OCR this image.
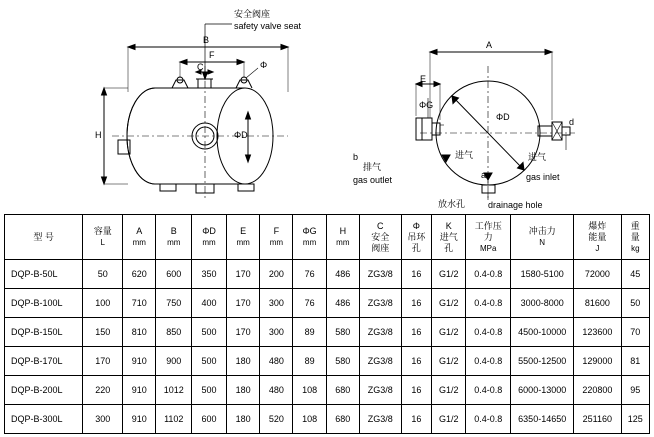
安全阀座
safety valve seat
B
F
C	Φ
H	ΦD
A
E
ΦG
ΦD	d
b	进气
排气
gas outlet
进气
gas inlet
a
放水孔	drainage hole
型 号

容量
L

A
mm

B
mm

ΦD
mm

E
mm

F
mm

ΦG
mm

H
mm

C
安全
阀座

Φ
吊环
孔

K
进气
孔

工作压
力
MPa

冲击力
N

爆炸
能量
J

重
量
kg

DQP-B-50L	50	620	600	350	170	200	76	486	ZG3/8	16	G1/2	0.4-0.8	1580-5100	72000	45
DQP-B-100L	100	710	750	400	170	300	76	486	ZG3/8	16	G1/2	0.4-0.8	3000-8000	81600	50
DQP-B-150L	150	810	850	500	170	300	89	580	ZG3/8	16	G1/2	0.4-0.8	4500-10000	123600	70
DQP-B-170L	170	910	900	500	180	480	89	580	ZG3/8	16	G1/2	0.4-0.8	5500-12500	129000	81
DQP-B-200L	220	910	1012	500	180	480	108	680	ZG3/8	16	G1/2	0.4-0.8	6000-13000	220800	95
DQP-B-300L	300	910	1102	600	180	520	108	680	ZG3/8	16	G1/2	0.4-0.8	6350-14650	251160	125
